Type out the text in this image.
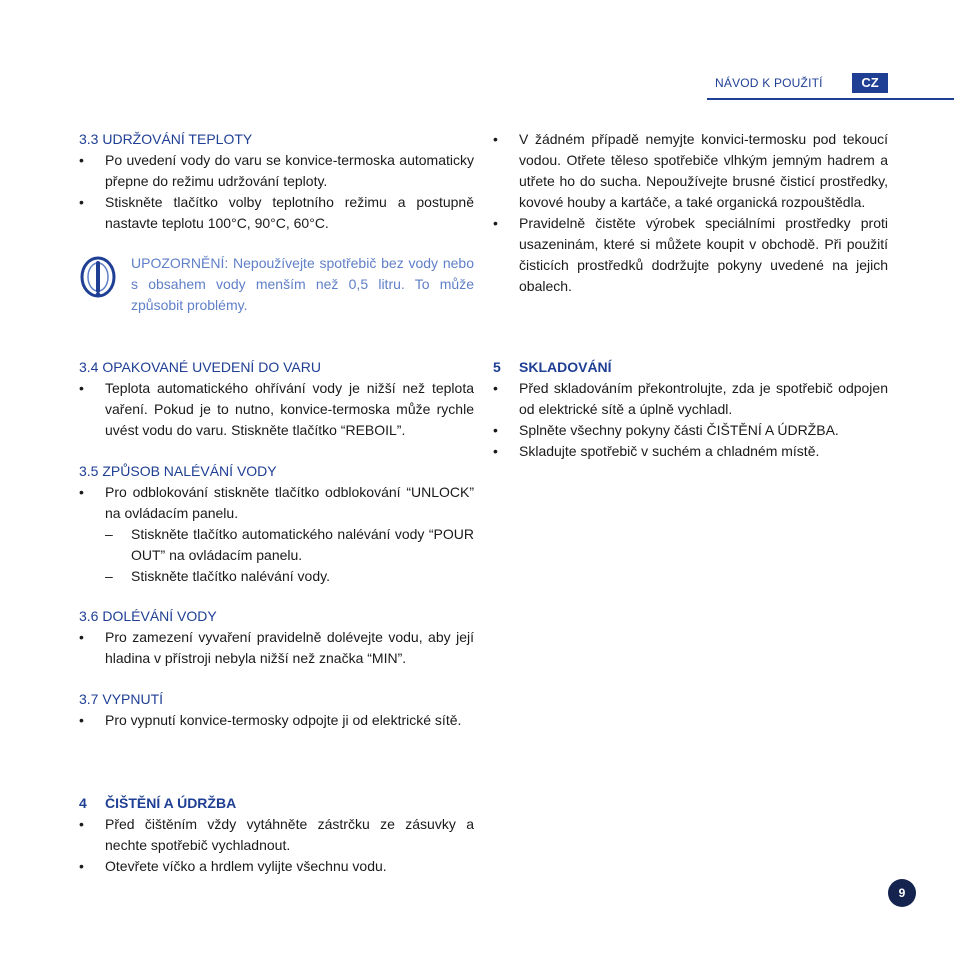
NÁVOD K POUŽITÍ	CZ
3.3 UDRŽOVÁNÍ TEPLOTY
• Po uvedení vody do varu se konvice-termoska automaticky přepne do režimu udržování teploty.
• Stiskněte tlačítko volby teplotního režimu a postupně nastavte teplotu 100°C, 90°C, 60°C.
UPOZORNĚNÍ: Nepoužívejte spotřebič bez vody nebo s obsahem vody menším než 0,5 litru. To může způsobit problémy.
3.4 OPAKOVANÉ UVEDENÍ DO VARU
• Teplota automatického ohřívání vody je nižší než teplota vaření. Pokud je to nutno, konvice-termoska může rychle uvést vodu do varu. Stiskněte tlačítko “REBOIL”.
3.5 ZPŮSOB NALÉVÁNÍ VODY
• Pro odblokování stiskněte tlačítko odblokování “UNLOCK” na ovládacím panelu.
– Stiskněte tlačítko automatického nalévání vody “POUR OUT” na ovládacím panelu.
– Stiskněte tlačítko nalévání vody.
3.6 DOLÉVÁNÍ VODY
• Pro zamezení vyvaření pravidelně dolévejte vodu, aby její hladina v přístroji nebyla nižší než značka “MIN”.
3.7 VYPNUTÍ
• Pro vypnutí konvice-termosky odpojte ji od elektrické sítě.
4 ČIŠTĚNÍ A ÚDRŽBA
• Před čištěním vždy vytáhněte zástrčku ze zásuvky a nechte spotřebič vychladnout.
• Otevřete víčko a hrdlem vylijte všechnu vodu.
• V žádném případě nemyjte konvici-termosku pod tekoucí vodou. Otřete těleso spotřebiče vlhkým jemným hadrem a utřete ho do sucha. Nepoužívejte brusné čisticí prostředky, kovové houby a kartáče, a také organická rozpouštědla.
• Pravidelně čistěte výrobek speciálními prostředky proti usazeninám, které si můžete koupit v obchodě. Při použití čisticích prostředků dodržujte pokyny uvedené na jejich obalech.
5 SKLADOVÁNÍ
• Před skladováním překontrolujte, zda je spotřebič odpojen od elektrické sítě a úplně vychladl.
• Splněte všechny pokyny části ČIŠTĚNÍ A ÚDRŽBA.
• Skladujte spotřebič v suchém a chladném místě.
9
